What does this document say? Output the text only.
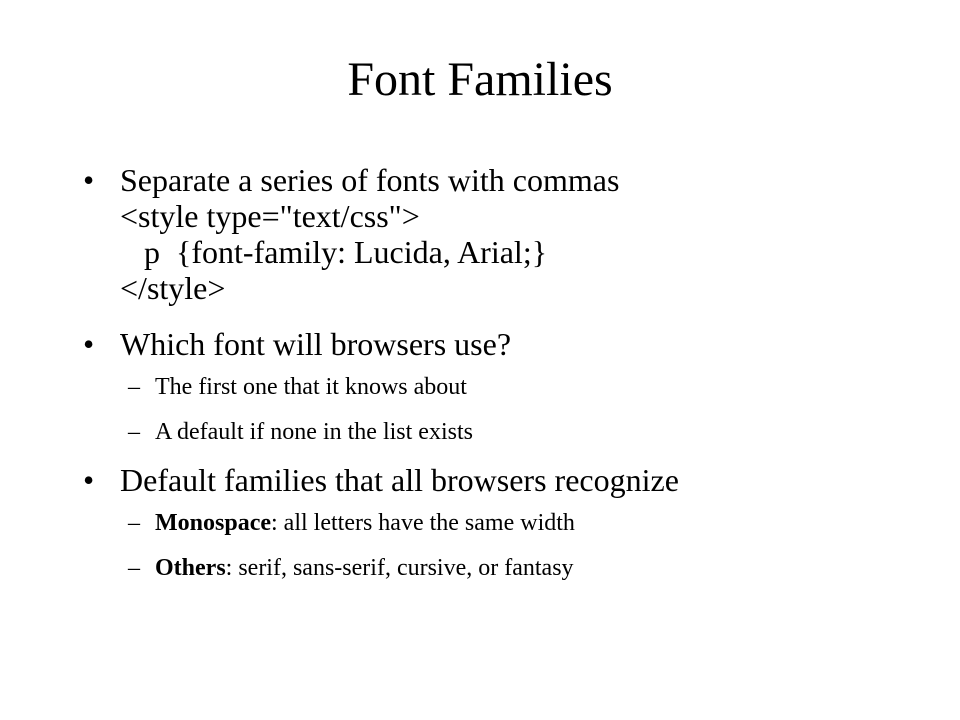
Font Families
• Separate a series of fonts with commas
<style type="text/css">
p  {font-family: Lucida, Arial;}
</style>
• Which font will browsers use?
– The first one that it knows about
– A default if none in the list exists
• Default families that all browsers recognize
– Monospace: all letters have the same width
– Others: serif, sans-serif, cursive, or fantasy
